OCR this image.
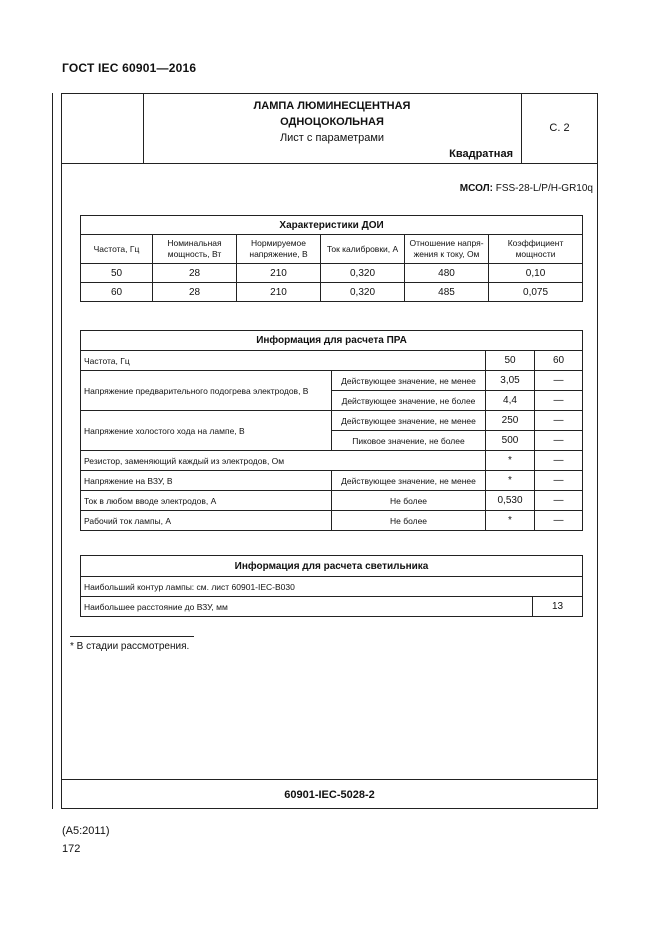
ГОСТ IEC 60901—2016
ЛАМПА ЛЮМИНЕСЦЕНТНАЯ
ОДНОЦОКОЛЬНАЯ
Лист с параметрами
Квадратная
С. 2
МСОЛ: FSS-28-L/P/H-GR10q
Характеристики ДОИ					
Частота, Гц	Номинальная мощность, Вт	Нормируемое напряжение, В	Ток калибровки, А	Отношение напря-жения к току, Ом	Коэффициент мощности
50	28	210	0,320	480	0,10
60	28	210	0,320	485	0,075
Информация для расчета ПРА			
Частота, Гц		50	60
Напряжение предварительного подогрева электродов, В	Действующее значение, не менее	3,05	—
	Действующее значение, не более	4,4	—
Напряжение холостого хода на лампе, В	Действующее значение, не менее	250	—
	Пиковое значение, не более	500	—
Резистор, заменяющий каждый из электродов, Ом		*	—
Напряжение на ВЗУ, В	Действующее значение, не менее	*	—
Ток в любом вводе электродов, А	Не более	0,530	—
Рабочий ток лампы, А	Не более	*	—
Информация для расчета светильника
Наибольший контур лампы: см. лист 60901-IEC-B030
Наибольшее расстояние до ВЗУ, мм	13
* В стадии рассмотрения.
60901-IEC-5028-2
(А5:2011)
172
